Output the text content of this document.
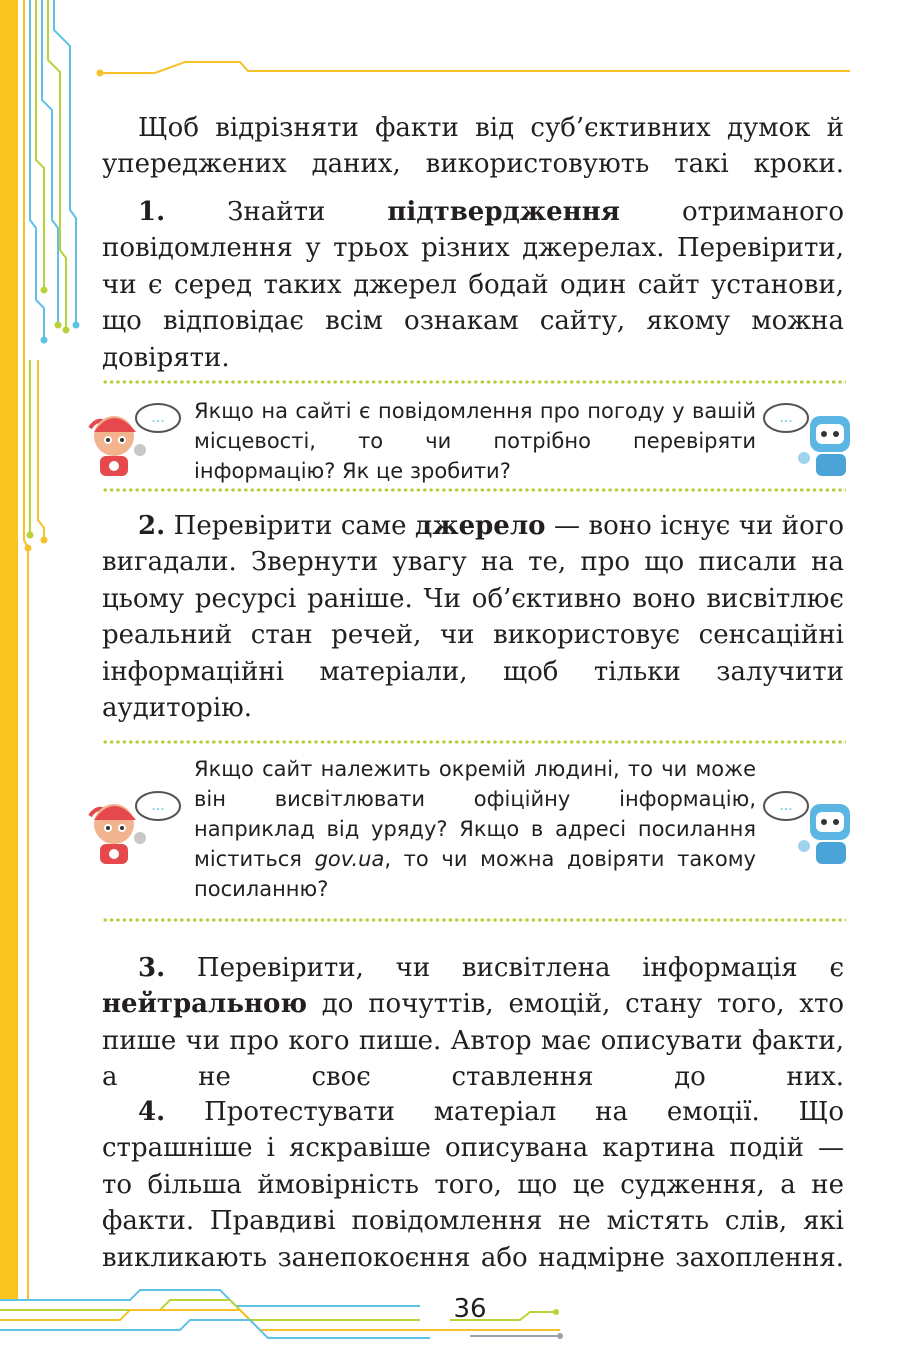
Щоб відрізняти факти від суб’єктивних думок й упереджених даних, використовують такі кроки.

1. Знайти підтвердження отриманого повідомлення у трьох різних джерелах. Перевірити, чи є серед таких джерел бодай один сайт установи, що відповідає всім ознакам сайту, якому можна довіряти.

... Якщо на сайті є повідомлення про погоду у вашій місцевості, то чи потрібно перевіряти інформацію? Як це зробити?

...

2. Перевірити саме джерело — воно існує чи його вигадали. Звернути увагу на те, про що писали на цьому ресурсі раніше. Чи об’єктивно воно висвітлює реальний стан речей, чи використовує сенсаційні інформаційні матеріали, щоб тільки залучити аудиторію.

...

Якщо сайт належить окремій людині, то чи може він висвітлювати офіційну інформацію, наприклад від уряду? Якщо в адресі посилання міститься gov.ua, то чи можна довіряти такому посиланню?

...

3. Перевірити, чи висвітлена інформація є нейтральною до почуттів, емоцій, стану того, хто пише чи про кого пише. Автор має описувати факти, а не своє ставлення до них.

4. Протестувати матеріал на емоції. Що страшніше і яскравіше описувана картина подій — то більша ймовірність того, що це судження, а не факти. Правдиві повідомлення не містять слів, які викликають занепокоєння або надмірне захоплення.

36
